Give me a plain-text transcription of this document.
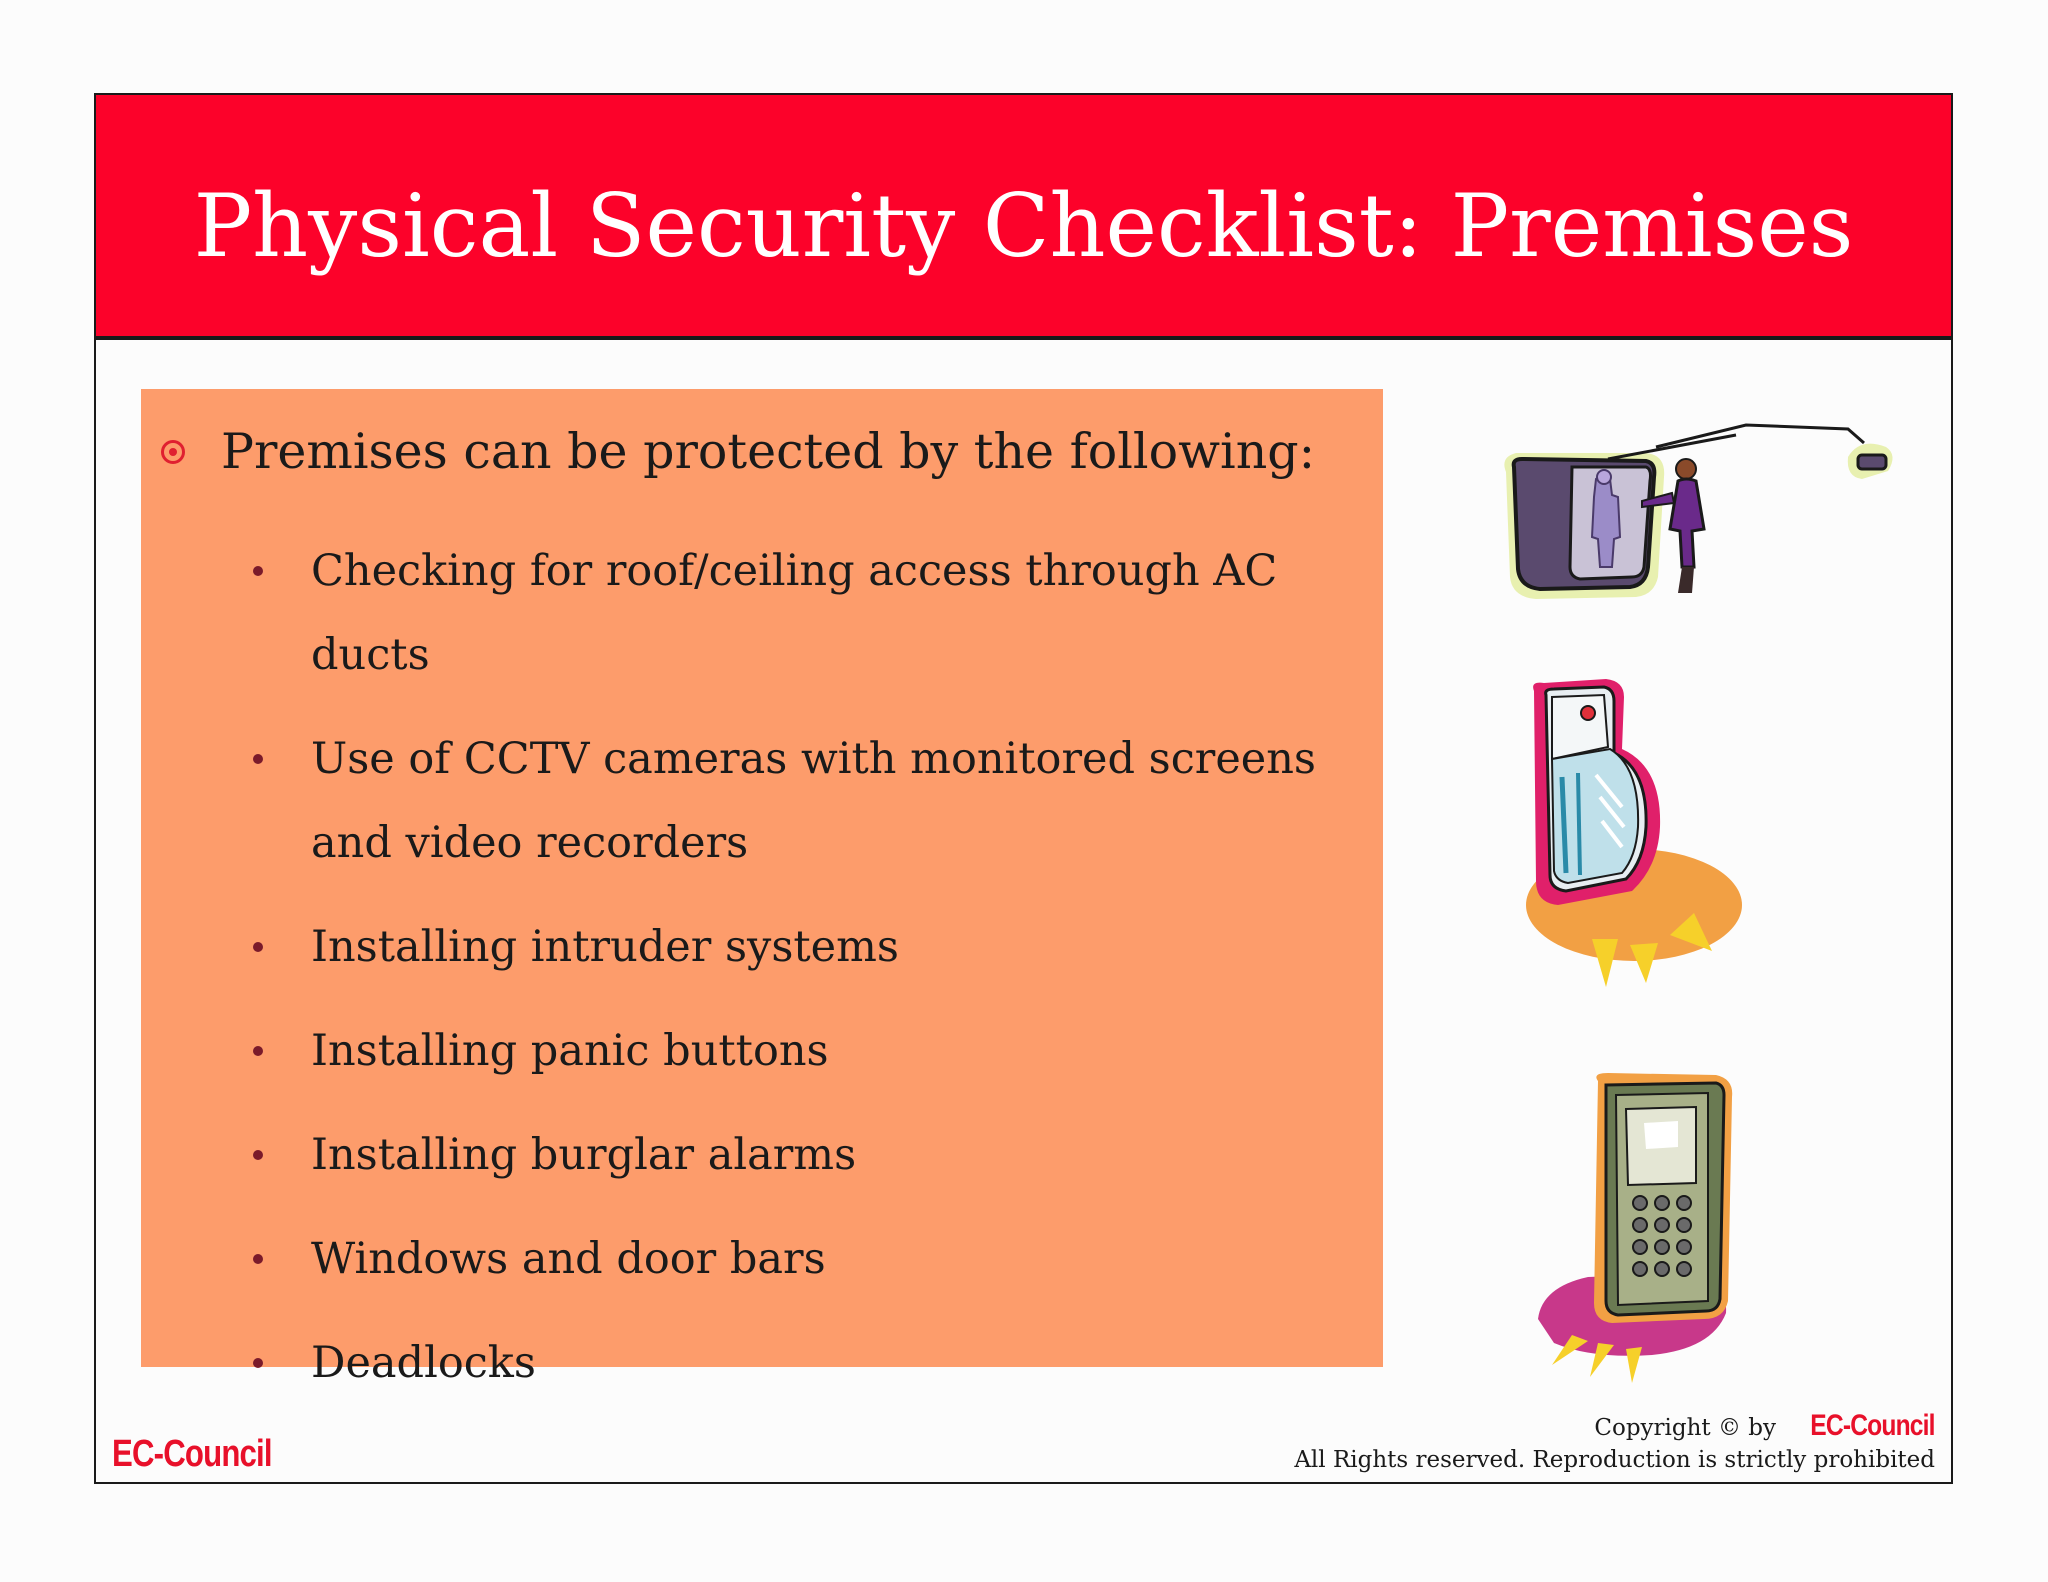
Physical Security Checklist: Premises
Premises can be protected by the following:
Checking for roof/ceiling access through AC ducts
Use of CCTV cameras with monitored screens and video recorders
Installing intruder systems
Installing panic buttons
Installing burglar alarms
Windows and door bars
Deadlocks
EC-Council
Copyright © by EC-Council
All Rights reserved. Reproduction is strictly prohibited
